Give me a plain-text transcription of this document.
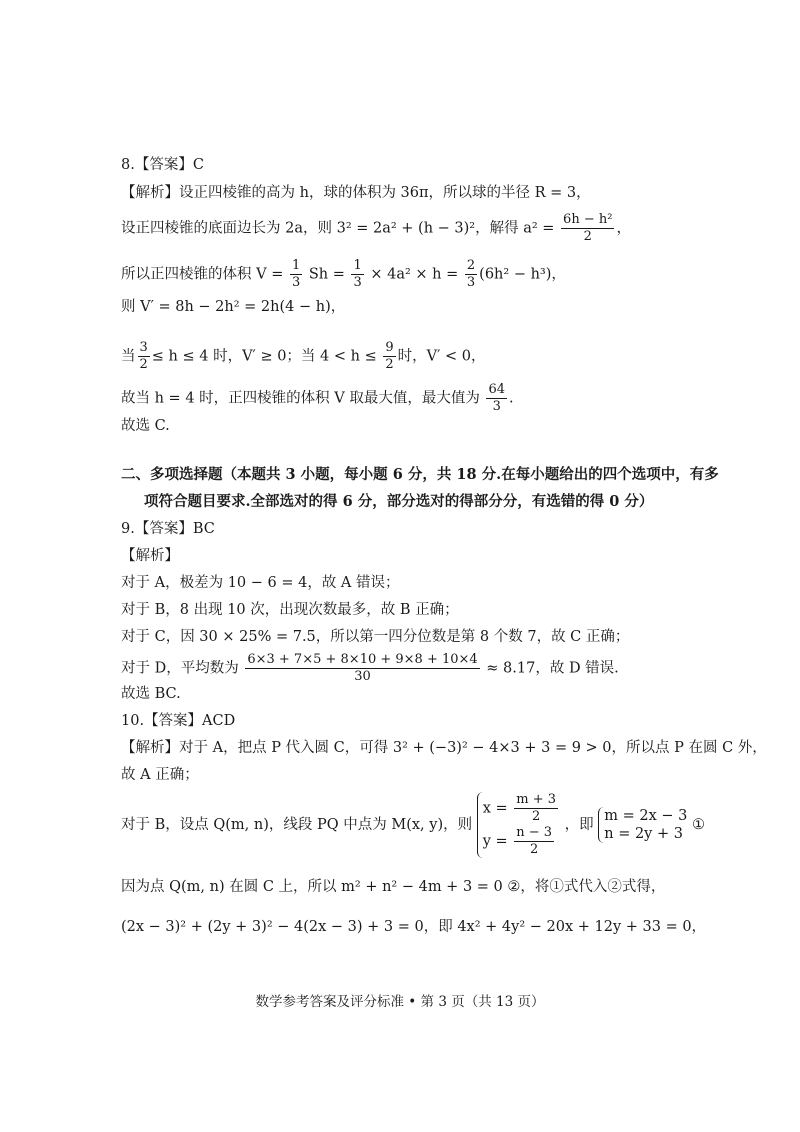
8.【答案】C
【解析】设正四棱锥的高为 h，球的体积为 36π，所以球的半径 R = 3，
设正四棱锥的底面边长为 2a，则 3² = 2a² + (h − 3)²，解得 $a^2 = \frac{\text{6h − h²}}{2}$ ，
所以正四棱锥的体积 $V = \frac{1}{3}$ $Sh = \frac{1}{3} \times 4a^2 \times h = \frac{2}{3} (6h^2 - h^3)$，
则 V′ = 8h − 2h² = 2h(4 − h)，
当 $\frac{3}{2} \le h \le 4$ 时，V′ ≥ 0；当 $4 < h \le \frac{9}{2}$ 时，V′ < 0，
故当 h = 4 时，正四棱锥的体积 V 取最大值，最大值为 $\frac{64}{3}$ .
故选 C.
二、多项选择题（本题共 3 小题，每小题 6 分，共 18 分.在每小题给出的四个选项中，有多
项符合题目要求.全部选对的得 6 分，部分选对的得部分分，有选错的得 0 分）
9.【答案】BC
【解析】
对于 A，极差为 10 − 6 = 4，故 A 错误；
对于 B，8 出现 10 次，出现次数最多，故 B 正确；
对于 C，因 30 × 25% = 7.5，所以第一四分位数是第 8 个数 7，故 C 正确；
对于 D，平均数为 $\frac{6\times 3 + 7\times 5 + 8\times 10 + 9\times 8 + 10\times 4}{30} \approx 8.17$，故 D 错误.
故选 BC.
10.【答案】ACD
【解析】对于 A，把点 P 代入圆 C，可得 3² + (−3)² − 4×3 + 3 = 9 > 0，所以点 P 在圆 C 外，
故 A 正确；
对于 B，设点 Q(m, n)，线段 PQ 中点为 M(x, y)，则
$x = \frac{m + 3}{2}$
$y = \frac{n - 3}{2}$ ，即
m = 2x − 3
n = 2y + 3
①
因为点 Q(m, n) 在圆 C 上，所以 m² + n² − 4m + 3 = 0 ②，将①式代入②式得，
(2x − 3)² + (2y + 3)² − 4(2x − 3) + 3 = 0，即 4x² + 4y² − 20x + 12y + 33 = 0，
数学参考答案及评分标准 • 第 3 页（共 13 页）
